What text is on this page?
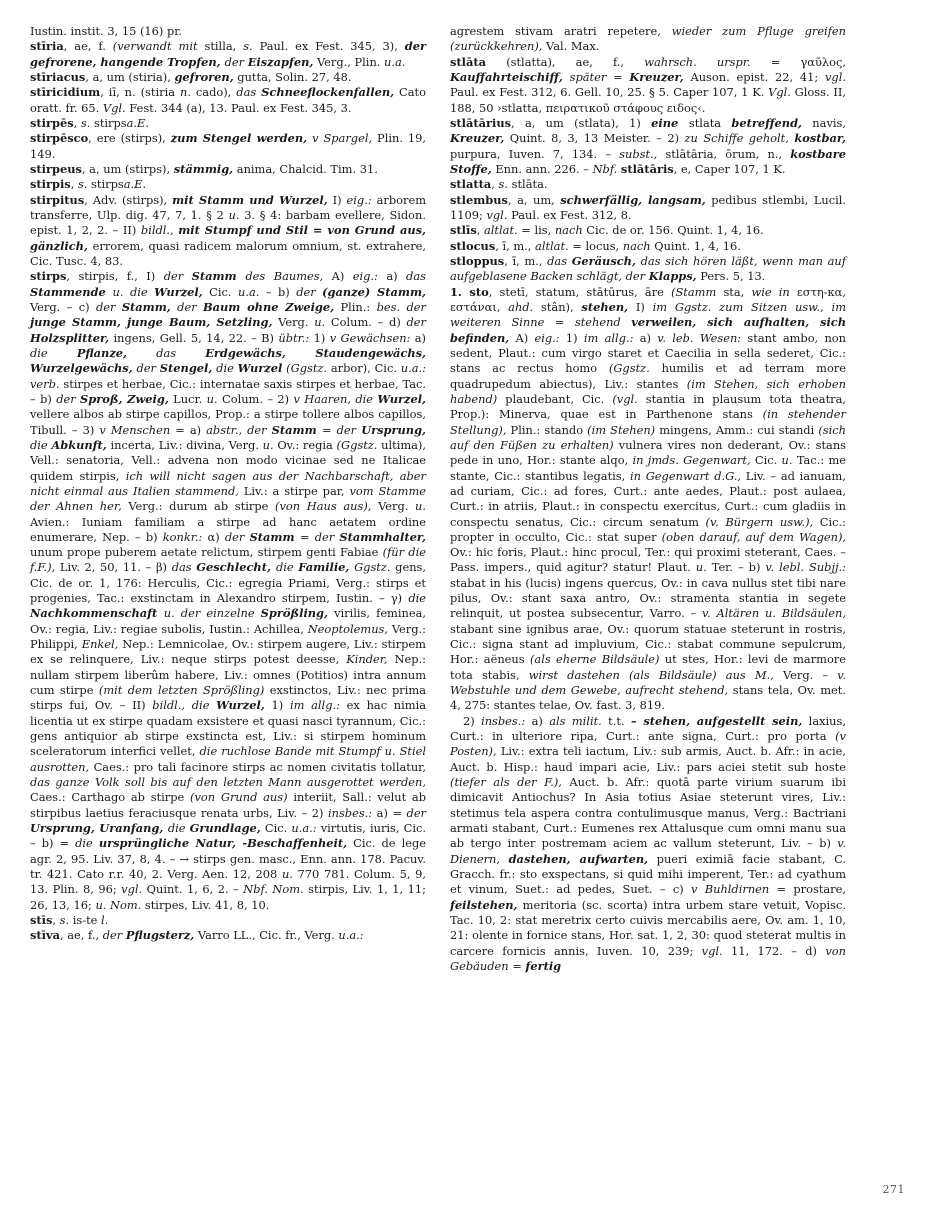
Iustin. instit. 3, 15 (16) pr.

stīria, ae, f. (verwandt mit stilla, s. Paul. ex Fest. 345, 3), der gefrorene, hangende Tropfen, der Eiszapfen, Verg., Plin. u.a.

stīriacus, a, um (stiria), gefroren, gutta, Solin. 27, 48.

stīricidium, iī, n. (stiria n. cado), das Schneeflockenfallen, Cato oratt. fr. 65. Vgl. Fest. 344 (a), 13. Paul. ex Fest. 345, 3.

stirpēs, s. stirpsa.E.

stirpēsco, ere (stirps), zum Stengel werden, v Spargel, Plin. 19, 149.

stirpeus, a, um (stirps), stämmig, anima, Chalcid. Tim. 31.

stirpis, s. stirpsa.E.

stirpitus, Adv. (stirps), mit Stamm und Wurzel, I) eig.: arborem transferre, Ulp. dig. 47, 7, 1. § 2 u. 3. § 4: barbam evellere, Sidon. epist. 1, 2, 2. – II) bildl., mit Stumpf und Stil = von Grund aus, gänzlich, errorem, quasi radicem malorum omnium, st. extrahere, Cic. Tusc. 4, 83.

stirps, stirpis, f., I) der Stamm des Baumes, A) eig.: a) das Stammende u. die Wurzel, Cic. u.a. – b) der (ganze) Stamm, Verg. – c) der Stamm, der Baum ohne Zweige, Plin.: bes. der junge Stamm, junge Baum, Setzling, Verg. u. Colum. – d) der Holzsplitter, ingens, Gell. 5, 14, 22. – B) übtr.: 1) v Gewächsen: a) die Pflanze,	das Erdgewächs, Staudengewächs, Wurzelgewächs, der Stengel, die Wurzel (Ggstz. arbor), Cic. u.a.: verb. stirpes et herbae, Cic.: internatae saxis stirpes et herbae, Tac. – b) der Sproß, Zweig, Lucr. u. Colum. – 2) v Haaren, die Wurzel, vellere albos ab stirpe capillos, Prop.: a stirpe tollere albos capillos, Tibull. – 3) v Menschen = a) abstr., der Stamm = der Ursprung, die Abkunft, incerta, Liv.: divina, Verg. u. Ov.: regia (Ggstz. ultima), Vell.: senatoria, Vell.: advena non modo vicinae sed ne Italicae quidem stirpis, ich will nicht sagen aus der Nachbarschaft, aber nicht einmal aus Italien stammend, Liv.: a stirpe par, vom Stamme der Ahnen her, Verg.: durum ab stirpe (von Haus aus), Verg. u. Avien.: Iuniam familiam a stirpe ad hanc aetatem ordine enumerare, Nep. – b) konkr.: α) der Stamm = der Stammhalter, unum prope puberem aetate relictum, stirpem genti Fabiae (für die f.F.), Liv. 2, 50, 11. – β) das Geschlecht, die Familie, Ggstz. gens, Cic. de or. 1, 176: Herculis, Cic.: egregia Priami, Verg.: stirps et progenies, Tac.: exstinctam in Alexandro stirpem, Iustin. – γ) die Nachkommenschaft u. der einzelne Sprößling, virilis, feminea, Ov.: regia, Liv.: regiae subolis, Iustin.: Achillea, Neoptolemus, Verg.: Philippi, Enkel, Nep.: Lemnicolae, Ov.: stirpem augere, Liv.: stirpem ex se relinquere, Liv.: neque stirps potest deesse, Kinder, Nep.: nullam stirpem liberûm habere, Liv.: omnes (Potitios) intra annum cum stirpe (mit dem letzten Sprößling) exstinctos, Liv.: nec prima stirps fui, Ov. – II) bildl., die Wurzel, 1) im allg.: ex hac nimia licentia ut ex stirpe quadam exsistere et quasi nasci tyrannum, Cic.: gens antiquior ab stirpe exstincta est, Liv.: si stirpem hominum sceleratorum interfici vellet, die ruchlose Bande mit Stumpf u. Stiel ausrotten, Caes.: pro tali facinore stirps ac nomen civitatis tollatur, das ganze Volk soll bis auf den letzten Mann ausgerottet werden, Caes.: Carthago ab stirpe (von Grund aus) interiit, Sall.: velut ab stirpibus laetius feraciusque renata urbs, Liv. – 2) insbes.: a) = der Ursprung, Uranfang, die Grundlage, Cic. u.a.: virtutis, iuris, Cic. – b) = die ursprüngliche Natur, -Beschaffenheit, Cic. de lege agr. 2, 95. Liv. 37, 8, 4. – → stirps gen. masc., Enn. ann. 178. Pacuv. tr. 421. Cato r.r. 40, 2. Verg. Aen. 12, 208 u. 770 781. Colum. 5, 9, 13. Plin. 8, 96; vgl. Quint. 1, 6, 2. – Nbf. Nom. stirpis, Liv. 1, 1, 11; 26, 13, 16; u. Nom. stirpes, Liv. 41, 8, 10.

stīs, s. is-te l.

stīva, ae, f., der Pflugsterz, Varro LL., Cic. fr., Verg. u.a.:

agrestem stivam aratri repetere, wieder zum Pfluge greifen (zurückkehren), Val. Max.

stlāta (stlatta), ae, f., wahrsch. urspr. = γαῦλος, Kauffahrteischiff, später = Kreuzer, Auson. epist. 22, 41; vgl. Paul. ex Fest. 312, 6. Gell. 10, 25. § 5. Caper 107, 1 K. Vgl. Gloss. II, 188, 50 ›stlatta, πειρατικοῦ στάφους ειδος‹.

stlātārius, a, um (stlata), 1) eine stlata betreffend, navis, Kreuzer, Quint. 8, 3, 13 Meister. – 2) zu Schiffe geholt, kostbar, purpura, Iuven. 7, 134. – subst., stlātāria, ōrum, n., kostbare Stoffe, Enn. ann. 226. – Nbf. stlātāris, e, Caper 107, 1 K.

stlatta, s. stlāta.

stlembus, a, um, schwerfällig, langsam, pedibus stlembi, Lucil. 1109; vgl. Paul. ex Fest. 312, 8.

stlīs, altlat. = lis, nach Cic. de or. 156. Quint. 1, 4, 16.

stlocus, ī, m., altlat. = locus, nach Quint. 1, 4, 16.

stloppus, ī, m., das Geräusch, das sich hören läßt, wenn man auf aufgeblasene Backen schlägt, der Klapps, Pers. 5, 13.

1. sto, stetī, statum, stātūrus, āre (Stamm sta, wie in εστη-κα, εστάναι, ahd. stân), stehen, I) im Ggstz. zum Sitzen usw., im weiteren Sinne = stehend verweilen, sich aufhalten, sich befinden, A) eig.: 1) im allg.: a) v. leb. Wesen: stant ambo, non sedent, Plaut.: cum virgo staret et Caecilia in sella sederet, Cic.: stans ac rectus homo (Ggstz. humilis et ad terram more quadrupedum abiectus), Liv.: stantes (im Stehen, sich erhoben habend) plaudebant, Cic. (vgl. stantia in plausum tota theatra, Prop.): Minerva, quae est in Parthenone stans (in stehender Stellung), Plin.: stando (im Stehen) mingens, Amm.: cui standi (sich auf den Füßen zu erhalten) vulnera vires non dederant, Ov.: stans pede in uno, Hor.: stante alqo, in jmds. Gegenwart, Cic. u. Tac.: me stante, Cic.: stantibus legatis, in Gegenwart d.G., Liv. – ad ianuam, ad curiam, Cic.: ad fores, Curt.: ante aedes, Plaut.: post aulaea, Curt.: in atriis, Plaut.: in conspectu exercitus, Curt.: cum gladiis in conspectu senatus, Cic.: circum senatum (v. Bürgern usw.), Cic.: propter in occulto, Cic.: stat super (oben darauf, auf dem Wagen), Ov.: hic foris, Plaut.: hinc procul, Ter.: qui proximi steterant, Caes. – Pass. impers., quid agitur? statur! Plaut. u. Ter. – b) v. lebl. Subjj.: stabat in his (lucis) ingens quercus, Ov.: in cava nullus stet tibi nare pilus, Ov.: stant saxa antro, Ov.: stramenta stantia in segete relinquit, ut postea subsecentur, Varro. – v. Altären u. Bildsäulen, stabant sine ignibus arae, Ov.: quorum statuae steterunt in rostris, Cic.: signa stant ad impluvium, Cic.: stabat commune sepulcrum, Hor.: aëneus (als eherne Bildsäule) ut stes, Hor.: levi de marmore tota stabis, wirst dastehen (als Bildsäule) aus M., Verg. – v. Webstuhle und dem Gewebe, aufrecht stehend, stans tela, Ov. met. 4, 275: stantes telae, Ov. fast. 3, 819.

2) insbes.: a) als milit. t.t. – stehen, aufgestellt sein, laxius, Curt.: in ulteriore ripa, Curt.: ante signa, Curt.: pro porta (v Posten), Liv.: extra teli iactum, Liv.: sub armis, Auct. b. Afr.: in acie, Auct. b. Hisp.: haud impari acie, Liv.: pars aciei stetit sub hoste (tiefer als der F.), Auct. b. Afr.: quotā parte virium suarum ibi dimicavit Antiochus? In Asia totius Asiae steterunt vires, Liv.: stetimus tela aspera contra contulimusque manus, Verg.: Bactriani armati stabant, Curt.: Eumenes rex Attalusque cum omni manu sua ab tergo inter postremam aciem ac vallum steterunt, Liv. – b) v. Dienern, dastehen, aufwarten, pueri eximiā facie stabant, C. Gracch. fr.: sto exspectans, si quid mihi imperent, Ter.: ad cyathum et vinum, Suet.: ad pedes, Suet. – c) v Buhldirnen = prostare, feilstehen, meritoria (sc. scorta) intra urbem stare vetuit, Vopisc. Tac. 10, 2: stat meretrix certo cuivis mercabilis aere, Ov. am. 1, 10, 21: olente in fornice stans, Hor. sat. 1, 2, 30: quod steterat multis in carcere fornicis annis, Iuven. 10, 239; vgl. 11, 172. – d) von Gebäuden = fertig

271
